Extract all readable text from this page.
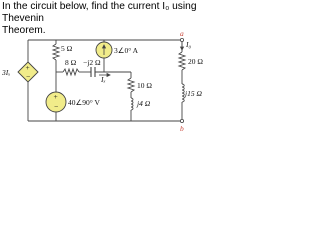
In the circuit below, find the current I₀ using Thevenin
Theorem.
+
−
+
−
5 Ω
8 Ω −j2 Ω
3∠0° A
Iₓ
3Iₓ
10 Ω
j4 Ω
40∠90° V
20 Ω
j15 Ω
I₀
a
b
